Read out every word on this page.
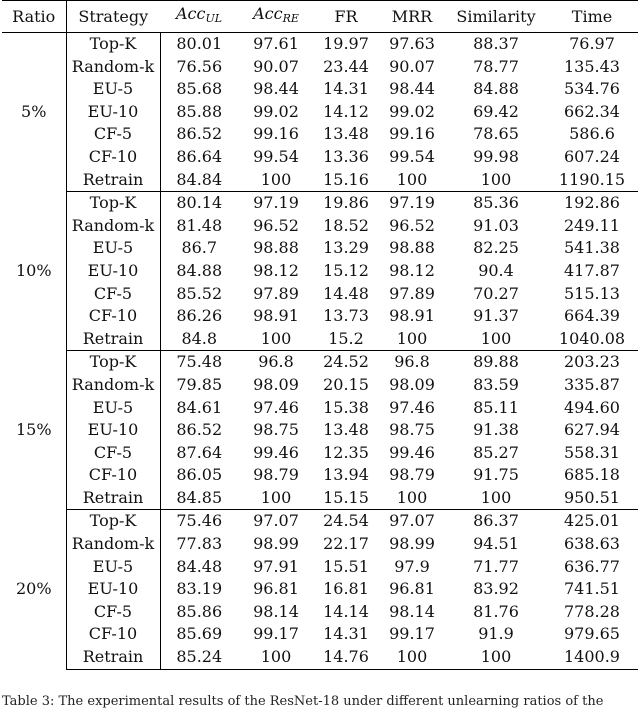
Ratio	Strategy	Acc$_{UL}$	Acc$_{RE}$	FR	MRR	Similarity	Time
5%	Top-K	80.01	97.61	19.97	97.63	88.37	76.97
	Random-k	76.56	90.07	23.44	90.07	78.77	135.43
	EU-5	85.68	98.44	14.31	98.44	84.88	534.76
	EU-10	85.88	99.02	14.12	99.02	69.42	662.34
	CF-5	86.52	99.16	13.48	99.16	78.65	586.6
	CF-10	86.64	99.54	13.36	99.54	99.98	607.24
	Retrain	84.84	100	15.16	100	100	1190.15
10%	Top-K	80.14	97.19	19.86	97.19	85.36	192.86
	Random-k	81.48	96.52	18.52	96.52	91.03	249.11
	EU-5	86.7	98.88	13.29	98.88	82.25	541.38
	EU-10	84.88	98.12	15.12	98.12	90.4	417.87
	CF-5	85.52	97.89	14.48	97.89	70.27	515.13
	CF-10	86.26	98.91	13.73	98.91	91.37	664.39
	Retrain	84.8	100	15.2	100	100	1040.08
15%	Top-K	75.48	96.8	24.52	96.8	89.88	203.23
	Random-k	79.85	98.09	20.15	98.09	83.59	335.87
	EU-5	84.61	97.46	15.38	97.46	85.11	494.60
	EU-10	86.52	98.75	13.48	98.75	91.38	627.94
	CF-5	87.64	99.46	12.35	99.46	85.27	558.31
	CF-10	86.05	98.79	13.94	98.79	91.75	685.18
	Retrain	84.85	100	15.15	100	100	950.51
20%	Top-K	75.46	97.07	24.54	97.07	86.37	425.01
	Random-k	77.83	98.99	22.17	98.99	94.51	638.63
	EU-5	84.48	97.91	15.51	97.9	71.77	636.77
	EU-10	83.19	96.81	16.81	96.81	83.92	741.51
	CF-5	85.86	98.14	14.14	98.14	81.76	778.28
	CF-10	85.69	99.17	14.31	99.17	91.9	979.65
	Retrain	85.24	100	14.76	100	100	1400.9
Table 3: The experimental results of the ResNet-18 under different unlearning ratios of the
